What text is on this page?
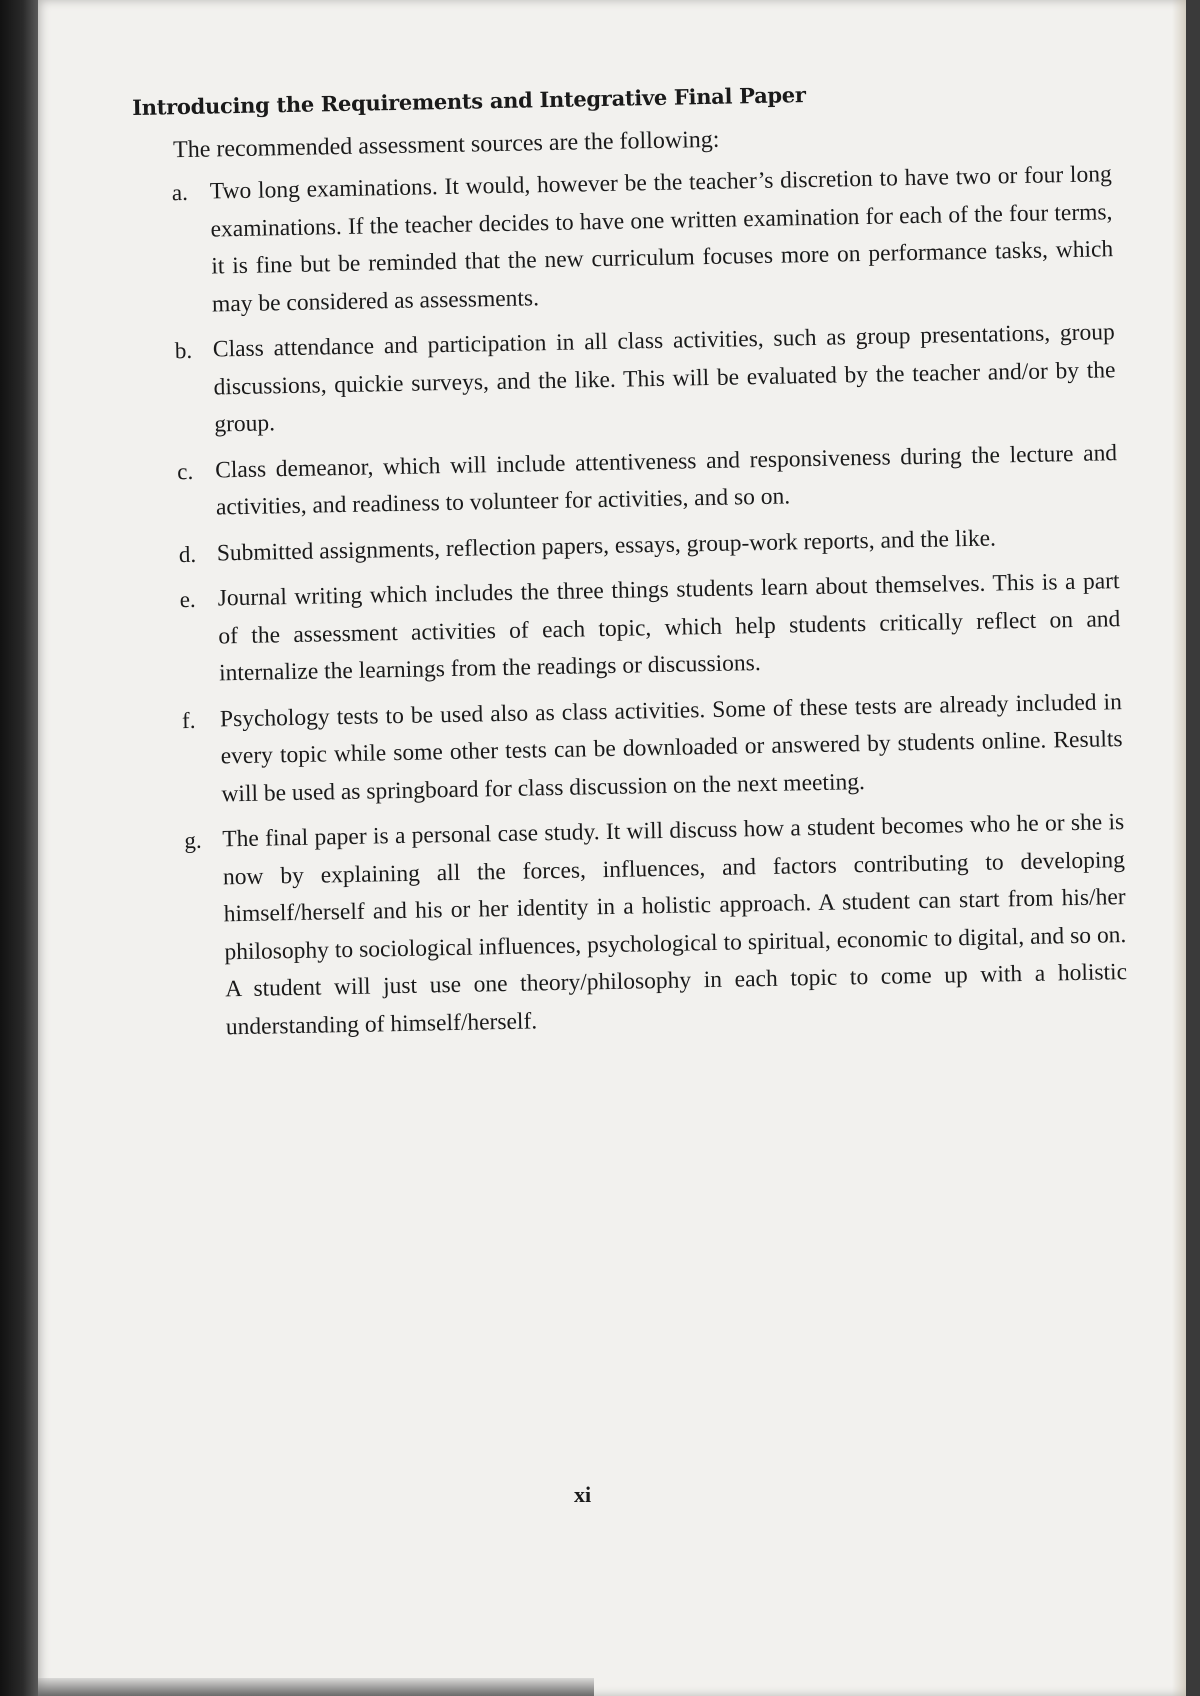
Introducing the Requirements and Integrative Final Paper
The recommended assessment sources are the following:
a. Two long examinations. It would, however be the teacher’s discretion to have two or four long examinations. If the teacher decides to have one written examination for each of the four terms, it is fine but be reminded that the new curriculum focuses more on performance tasks, which may be considered as assessments.
b. Class attendance and participation in all class activities, such as group presentations, group discussions, quickie surveys, and the like. This will be evaluated by the teacher and/or by the group.
c. Class demeanor, which will include attentiveness and responsiveness during the lecture and activities, and readiness to volunteer for activities, and so on.
d. Submitted assignments, reflection papers, essays, group-work reports, and the like.
e. Journal writing which includes the three things students learn about themselves. This is a part of the assessment activities of each topic, which help students critically reflect on and internalize the learnings from the readings or discussions.
f.	Psychology tests to be used also as class activities. Some of these tests are already included in every topic while some other tests can be downloaded or answered by students online. Results will be used as springboard for class discussion on the next meeting.
g. The final paper is a personal case study. It will discuss how a student becomes who he or she is now by explaining all the forces, influences, and factors contributing to developing himself/herself and his or her identity in a holistic approach. A student can start from his/her philosophy to sociological influences, psychological to spiritual, economic to digital, and so on. A student will just use one theory/philosophy in each topic to come up with a holistic understanding of himself/herself.
xi
